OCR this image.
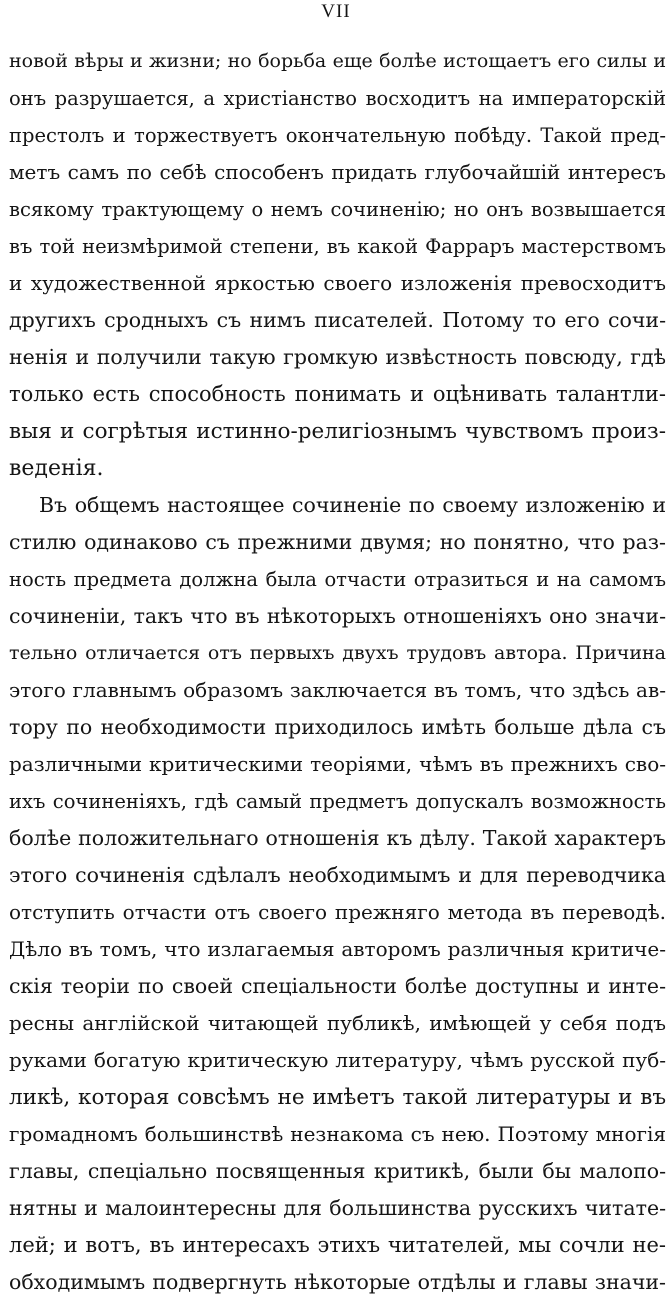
VII
новой вѣры и жизни; но борьба еще болѣе истощаетъ его силы и
онъ разрушается, а христіанство восходитъ на императорскій
престолъ и торжествуетъ окончательную побѣду. Такой пред-
метъ самъ по себѣ способенъ придать глубочайшій интересъ
всякому трактующему о немъ сочиненію; но онъ возвышается
въ той неизмѣримой степени, въ какой Фарраръ мастерствомъ
и художественной яркостью своего изложенія превосходитъ
другихъ сродныхъ съ нимъ писателей. Потому то его сочи-
ненія и получили такую громкую извѣстность повсюду, гдѣ
только есть способность понимать и оцѣнивать талантли-
выя и согрѣтыя истинно-религіознымъ чувствомъ произ-
веденія.
Въ общемъ настоящее сочиненіе по своему изложенію и
стилю одинаково съ прежними двумя; но понятно, что раз-
ность предмета должна была отчасти отразиться и на самомъ
сочиненіи, такъ что въ нѣкоторыхъ отношеніяхъ оно значи-
тельно отличается отъ первыхъ двухъ трудовъ автора. Причина
этого главнымъ образомъ заключается въ томъ, что здѣсь ав-
тору по необходимости приходилось имѣть больше дѣла съ
различными критическими теоріями, чѣмъ въ прежнихъ сво-
ихъ сочиненіяхъ, гдѣ самый предметъ допускалъ возможность
болѣе положительнаго отношенія къ дѣлу. Такой характеръ
этого сочиненія сдѣлалъ необходимымъ и для переводчика
отступить отчасти отъ своего прежняго метода въ переводѣ.
Дѣло въ томъ, что излагаемыя авторомъ различныя критиче-
скія теоріи по своей спеціальности болѣе доступны и инте-
ресны англійской читающей публикѣ, имѣющей у себя подъ
руками богатую критическую литературу, чѣмъ русской пуб-
ликѣ, которая совсѣмъ не имѣетъ такой литературы и въ
громадномъ большинствѣ незнакома съ нею. Поэтому многія
главы, спеціально посвященныя критикѣ, были бы малопо-
нятны и малоинтересны для большинства русскихъ читате-
лей; и вотъ, въ интересахъ этихъ читателей, мы сочли не-
обходимымъ подвергнуть нѣкоторые отдѣлы и главы значи-
